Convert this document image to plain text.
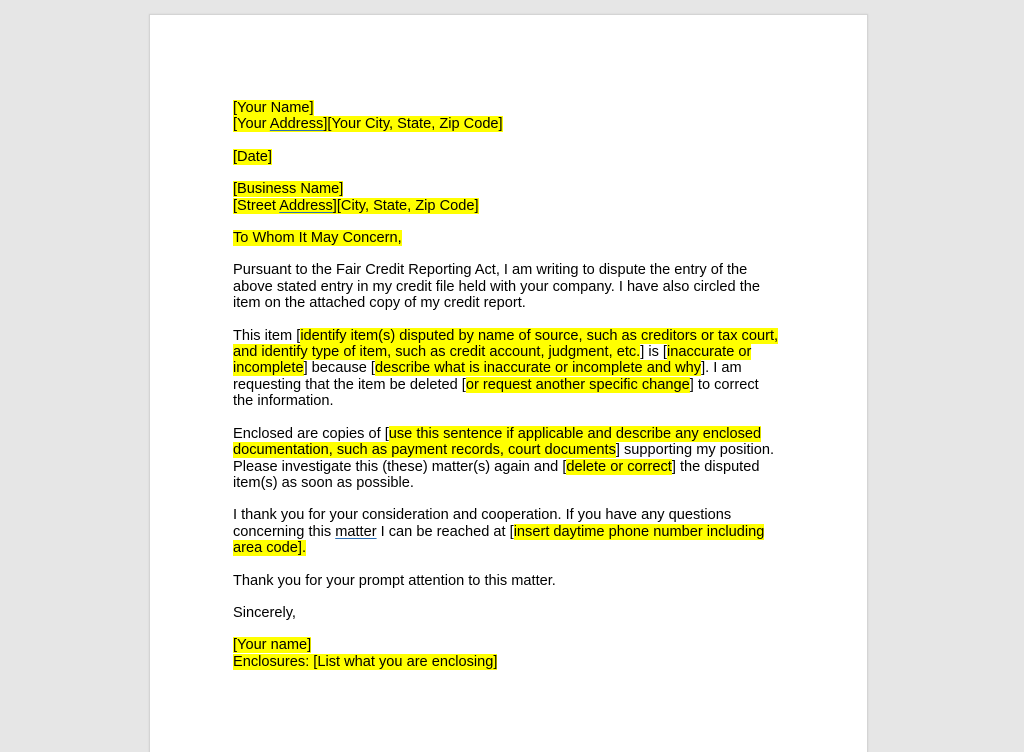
[Your Name]
[Your Address][Your City, State, Zip Code]

[Date]

[Business Name]
[Street Address][City, State, Zip Code]

To Whom It May Concern,

Pursuant to the Fair Credit Reporting Act, I am writing to dispute the entry of the above stated entry in my credit file held with your company. I have also circled the item on the attached copy of my credit report.

This item [identify item(s) disputed by name of source, such as creditors or tax court, and identify type of item, such as credit account, judgment, etc.] is [inaccurate or incomplete] because [describe what is inaccurate or incomplete and why]. I am requesting that the item be deleted [or request another specific change] to correct the information.

Enclosed are copies of [use this sentence if applicable and describe any enclosed documentation, such as payment records, court documents] supporting my position. Please investigate this (these) matter(s) again and [delete or correct] the disputed item(s) as soon as possible.

I thank you for your consideration and cooperation. If you have any questions concerning this matter I can be reached at [insert daytime phone number including area code].

Thank you for your prompt attention to this matter.

Sincerely,

[Your name]
Enclosures: [List what you are enclosing]
